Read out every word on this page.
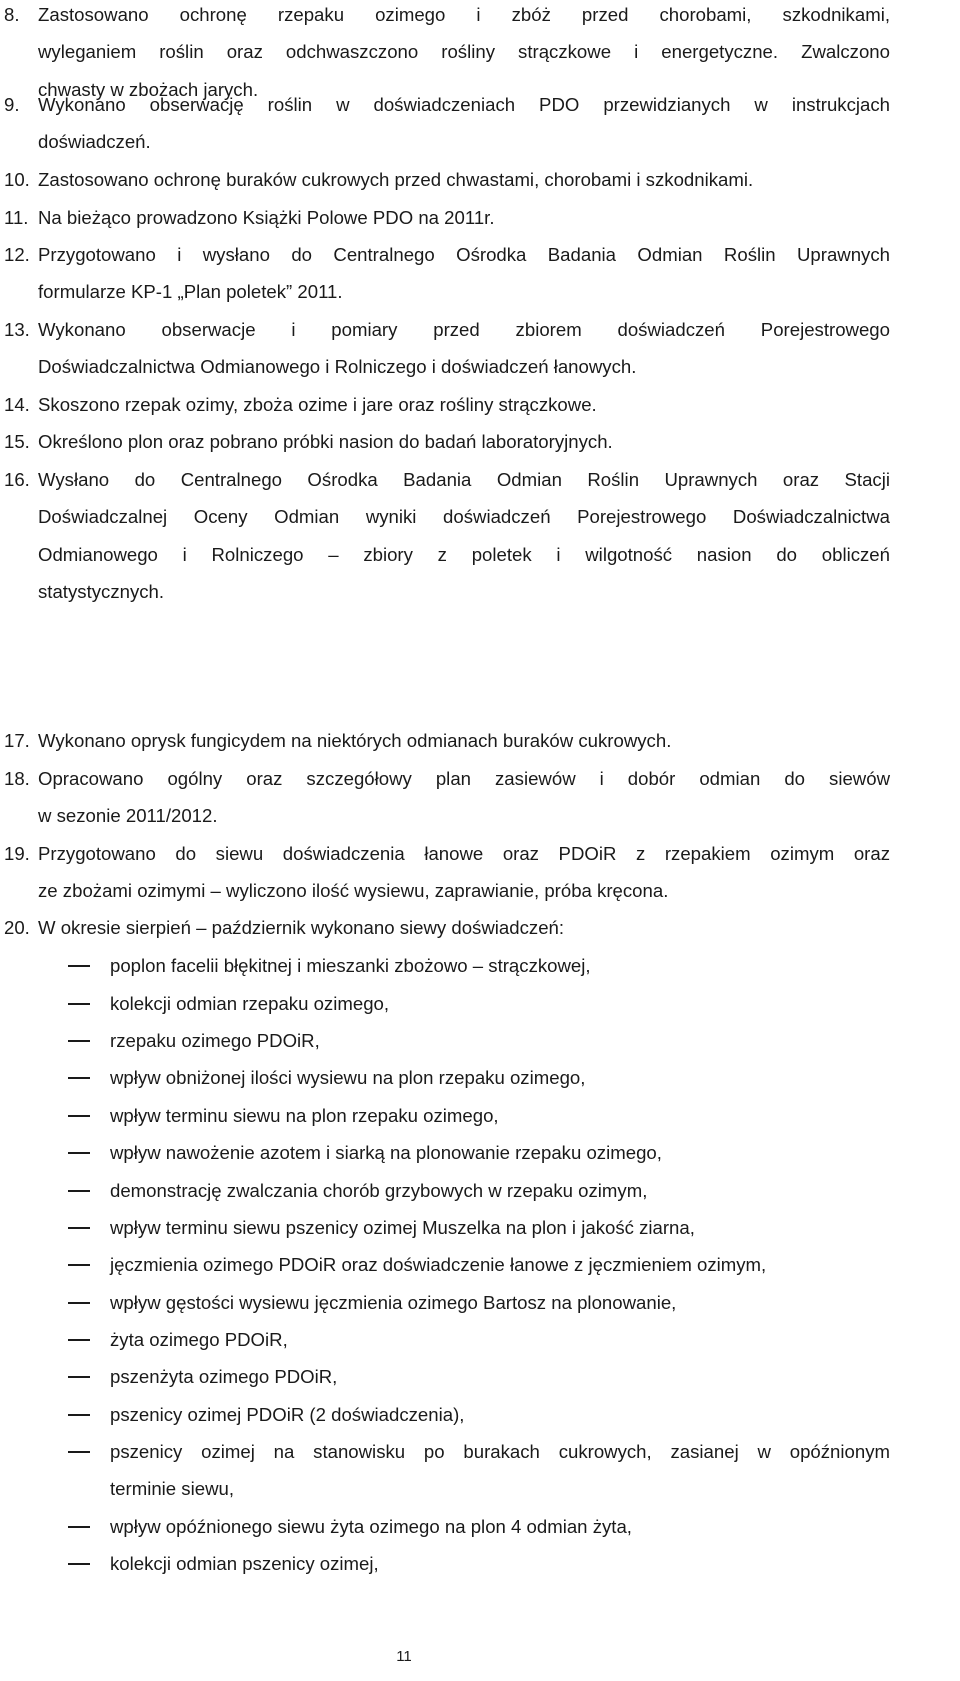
8. Zastosowano ochronę rzepaku ozimego i zbóż przed chorobami, szkodnikami,
wyleganiem roślin oraz odchwaszczono rośliny strączkowe i energetyczne. Zwalczono
chwasty w zbożach jarych.
9. Wykonano obserwację roślin w doświadczeniach PDO przewidzianych w instrukcjach
doświadczeń.
10. Zastosowano ochronę buraków cukrowych przed chwastami, chorobami i szkodnikami.
11. Na bieżąco prowadzono Książki Polowe PDO na 2011r.
12. Przygotowano i wysłano do Centralnego Ośrodka Badania Odmian Roślin Uprawnych
formularze KP-1 „Plan poletek” 2011.
13. Wykonano obserwacje i pomiary przed zbiorem doświadczeń Porejestrowego
Doświadczalnictwa Odmianowego i Rolniczego i doświadczeń łanowych.
14. Skoszono rzepak ozimy, zboża ozime i jare oraz rośliny strączkowe.
15. Określono plon oraz pobrano próbki nasion do badań laboratoryjnych.
16. Wysłano do Centralnego Ośrodka Badania Odmian Roślin Uprawnych oraz Stacji
Doświadczalnej Oceny Odmian wyniki doświadczeń Porejestrowego Doświadczalnictwa
Odmianowego i Rolniczego – zbiory z poletek i wilgotność nasion do obliczeń
statystycznych.
17. Wykonano oprysk fungicydem na niektórych odmianach buraków cukrowych.
18. Opracowano ogólny oraz szczegółowy plan zasiewów i dobór odmian do siewów
w sezonie 2011/2012.
19. Przygotowano do siewu doświadczenia łanowe oraz PDOiR z rzepakiem ozimym oraz
ze zbożami ozimymi – wyliczono ilość wysiewu, zaprawianie, próba kręcona.
20. W okresie sierpień – październik wykonano siewy doświadczeń:
poplon facelii błękitnej i mieszanki zbożowo – strączkowej,
kolekcji odmian rzepaku ozimego,
rzepaku ozimego PDOiR,
wpływ obniżonej ilości wysiewu na plon rzepaku ozimego,
wpływ terminu siewu na plon rzepaku ozimego,
wpływ nawożenie azotem i siarką na plonowanie rzepaku ozimego,
demonstrację zwalczania chorób grzybowych w rzepaku ozimym,
wpływ terminu siewu pszenicy ozimej Muszelka na plon i jakość ziarna,
jęczmienia ozimego PDOiR oraz doświadczenie łanowe z jęczmieniem ozimym,
wpływ gęstości wysiewu jęczmienia ozimego Bartosz na plonowanie,
żyta ozimego PDOiR,
pszenżyta ozimego PDOiR,
pszenicy ozimej PDOiR (2 doświadczenia),
pszenicy ozimej na stanowisku po burakach cukrowych, zasianej w opóźnionym
terminie siewu,
wpływ opóźnionego siewu żyta ozimego na plon 4 odmian żyta,
kolekcji odmian pszenicy ozimej,
11
